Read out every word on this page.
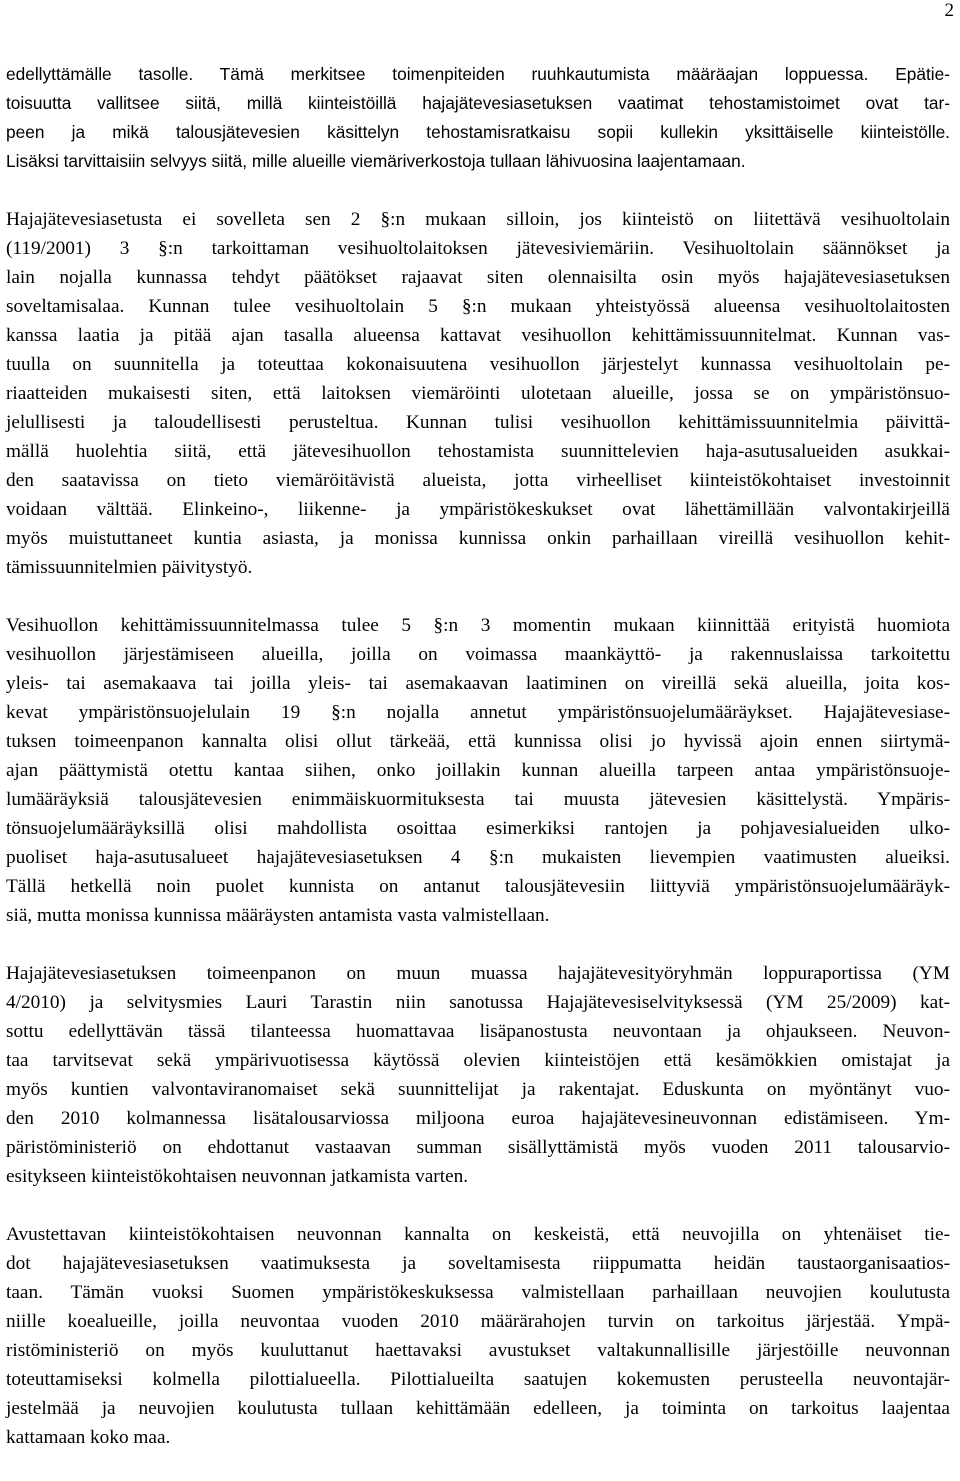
2
edellyttämälle tasolle. Tämä merkitsee toimenpiteiden ruuhkautumista määräajan loppuessa. Epätie-
toisuutta vallitsee siitä, millä kiinteistöillä hajajätevesiasetuksen vaatimat tehostamistoimet ovat tar-
peen ja mikä talousjätevesien käsittelyn tehostamisratkaisu sopii kullekin yksittäiselle kiinteistölle.
Lisäksi tarvittaisiin selvyys siitä, mille alueille viemäriverkostoja tullaan lähivuosina laajentamaan.
Hajajätevesiasetusta ei sovelleta sen 2 §:n mukaan silloin, jos kiinteistö on liitettävä vesihuoltolain
(119/2001) 3 §:n tarkoittaman vesihuoltolaitoksen jätevesiviemäriin. Vesihuoltolain säännökset ja
lain nojalla kunnassa tehdyt päätökset rajaavat siten olennaisilta osin myös hajajätevesiasetuksen
soveltamisalaa. Kunnan tulee vesihuoltolain 5 §:n mukaan yhteistyössä alueensa vesihuoltolaitosten
kanssa laatia ja pitää ajan tasalla alueensa kattavat vesihuollon kehittämissuunnitelmat. Kunnan vas-
tuulla on suunnitella ja toteuttaa kokonaisuutena vesihuollon järjestelyt kunnassa vesihuoltolain pe-
riaatteiden mukaisesti siten, että laitoksen viemäröinti ulotetaan alueille, jossa se on ympäristönsuo-
jelullisesti ja taloudellisesti perusteltua. Kunnan tulisi vesihuollon kehittämissuunnitelmia päivittä-
mällä huolehtia siitä, että jätevesihuollon tehostamista suunnittelevien haja-asutusalueiden asukkai-
den saatavissa on tieto viemäröitävistä alueista, jotta virheelliset kiinteistökohtaiset investoinnit
voidaan välttää. Elinkeino-, liikenne- ja ympäristökeskukset ovat lähettämillään valvontakirjeillä
myös muistuttaneet kuntia asiasta, ja monissa kunnissa onkin parhaillaan vireillä vesihuollon kehit-
tämissuunnitelmien päivitystyö.
Vesihuollon kehittämissuunnitelmassa tulee 5 §:n 3 momentin mukaan kiinnittää erityistä huomiota
vesihuollon järjestämiseen alueilla, joilla on voimassa maankäyttö- ja rakennuslaissa tarkoitettu
yleis- tai asemakaava tai joilla yleis- tai asemakaavan laatiminen on vireillä sekä alueilla, joita kos-
kevat ympäristönsuojelulain 19 §:n nojalla annetut ympäristönsuojelumääräykset. Hajajätevesiase-
tuksen toimeenpanon kannalta olisi ollut tärkeää, että kunnissa olisi jo hyvissä ajoin ennen siirtymä-
ajan päättymistä otettu kantaa siihen, onko joillakin kunnan alueilla tarpeen antaa ympäristönsuoje-
lumääräyksiä talousjätevesien enimmäiskuormituksesta tai muusta jätevesien käsittelystä. Ympäris-
tönsuojelumääräyksillä olisi mahdollista osoittaa esimerkiksi rantojen ja pohjavesialueiden ulko-
puoliset haja-asutusalueet hajajätevesiasetuksen 4 §:n mukaisten lievempien vaatimusten alueiksi.
Tällä hetkellä noin puolet kunnista on antanut talousjätevesiin liittyviä ympäristönsuojelumääräyk-
siä, mutta monissa kunnissa määräysten antamista vasta valmistellaan.
Hajajätevesiasetuksen toimeenpanon on muun muassa hajajätevesityöryhmän loppuraportissa (YM
4/2010) ja selvitysmies Lauri Tarastin niin sanotussa Hajajätevesiselvityksessä (YM 25/2009) kat-
sottu edellyttävän tässä tilanteessa huomattavaa lisäpanostusta neuvontaan ja ohjaukseen. Neuvon-
taa tarvitsevat sekä ympärivuotisessa käytössä olevien kiinteistöjen että kesämökkien omistajat ja
myös kuntien valvontaviranomaiset sekä suunnittelijat ja rakentajat. Eduskunta on myöntänyt vuo-
den 2010 kolmannessa lisätalousarviossa miljoona euroa hajajätevesineuvonnan edistämiseen. Ym-
päristöministeriö on ehdottanut vastaavan summan sisällyttämistä myös vuoden 2011 talousarvio-
esitykseen kiinteistökohtaisen neuvonnan jatkamista varten.
Avustettavan kiinteistökohtaisen neuvonnan kannalta on keskeistä, että neuvojilla on yhtenäiset tie-
dot hajajätevesiasetuksen vaatimuksesta ja soveltamisesta riippumatta heidän taustaorganisaatios-
taan. Tämän vuoksi Suomen ympäristökeskuksessa valmistellaan parhaillaan neuvojien koulutusta
niille koealueille, joilla neuvontaa vuoden 2010 määrärahojen turvin on tarkoitus järjestää. Ympä-
ristöministeriö on myös kuuluttanut haettavaksi avustukset valtakunnallisille järjestöille neuvonnan
toteuttamiseksi kolmella pilottialueella. Pilottialueilta saatujen kokemusten perusteella neuvontajär-
jestelmää ja neuvojien koulutusta tullaan kehittämään edelleen, ja toiminta on tarkoitus laajentaa
kattamaan koko maa.
